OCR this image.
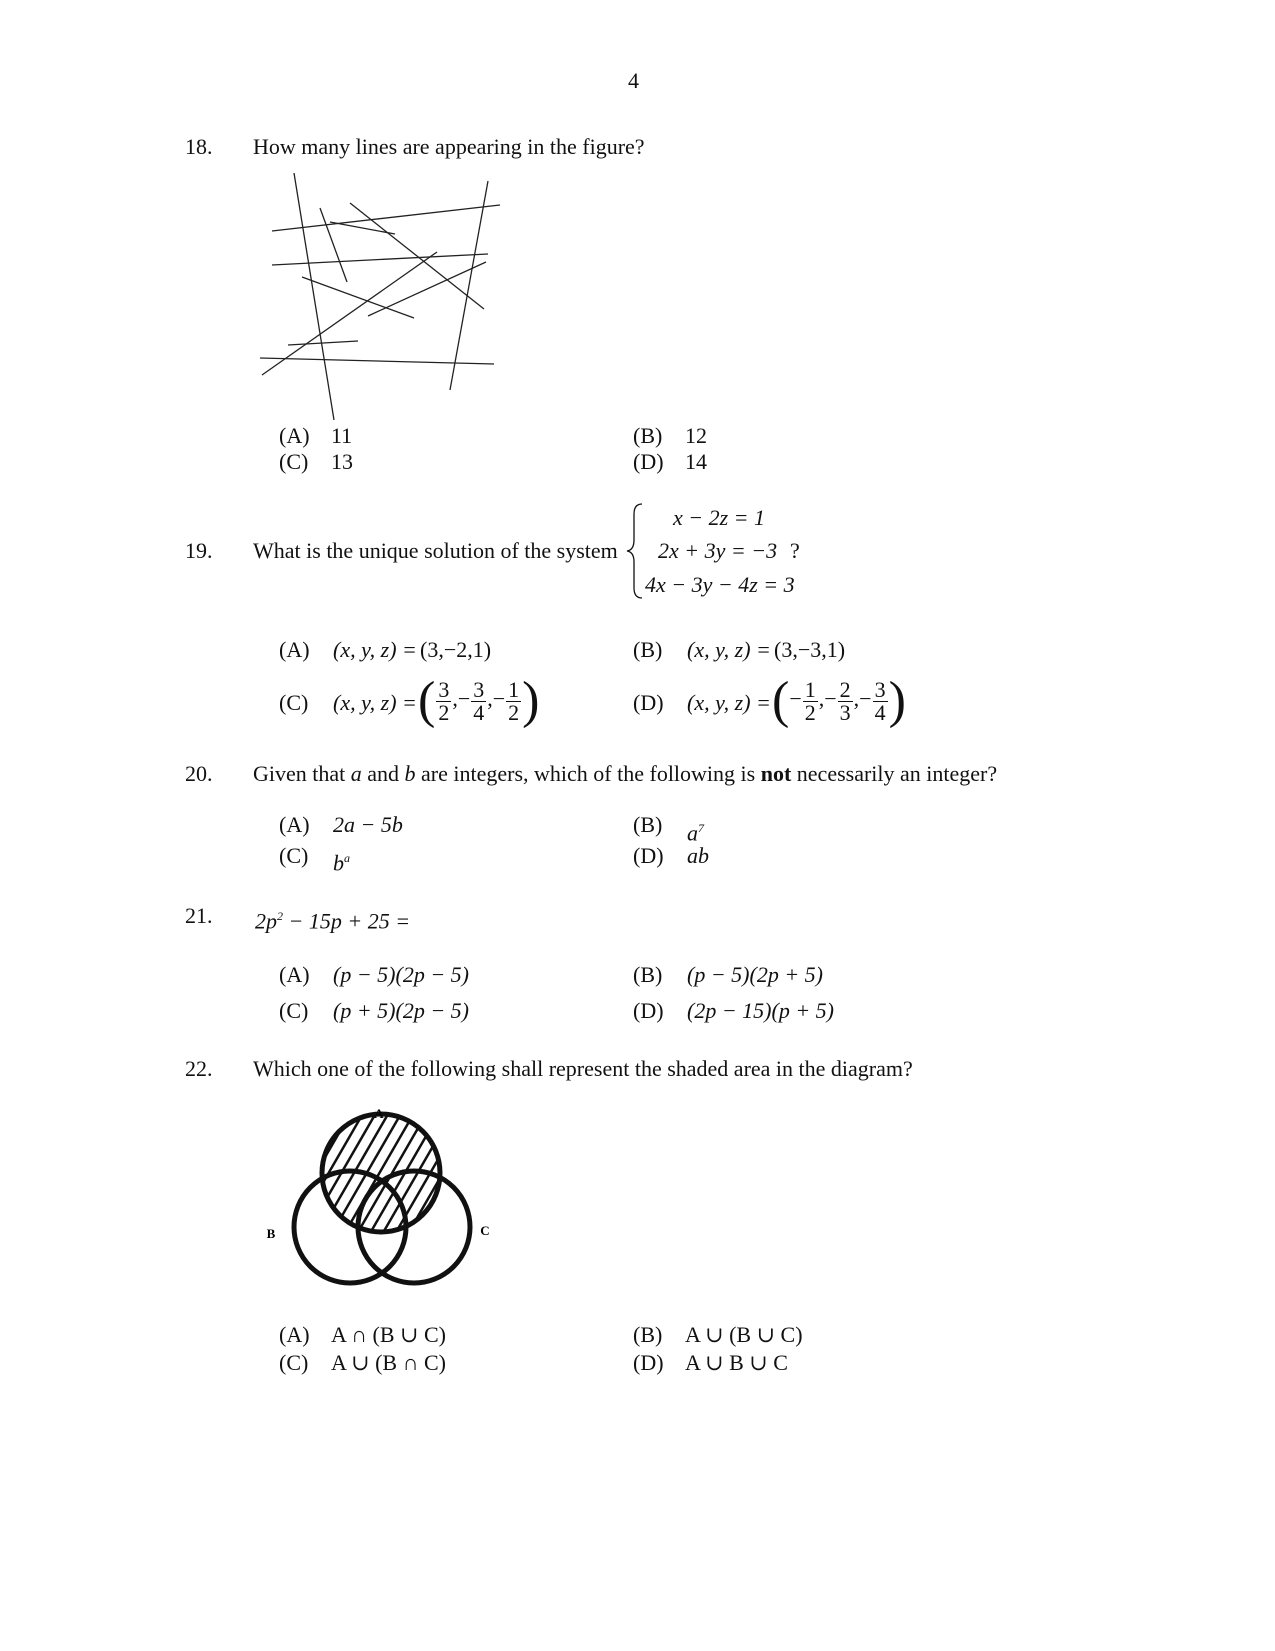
4
18. How many lines are appearing in the figure?
(A) 11	(B) 12
(C) 13	(D) 14
19. What is the unique solution of the system
x − 2z = 1
2x + 3y = −3
4x − 3y − 4z = 3
?
(A) (x, y, z) = (3,−2,1)	(B) (x, y, z) = (3,−3,1)
(C) (x, y, z) = ( $\frac{3}{2}$ ,− $\frac{3}{4}$ ,− $\frac{1}{2}$ )	(D) (x, y, z) = (− $\frac{1}{2}$ ,− $\frac{2}{3}$ ,− $\frac{3}{4}$ )
20. Given that a and b are integers, which of the following is not necessarily an integer?
(A) 2a − 5b	(B) $a^7$
(C) $b^a$	(D) ab
21. $2p^2 - 15p + 25$ =
(A) (p − 5)(2p − 5)	(B) (p − 5)(2p + 5)
(C) (p + 5)(2p − 5)	(D) (2p − 15)(p + 5)
22. Which one of the following shall represent the shaded area in the diagram?
A
B	C
(A) A ∩ (B ∪ C)	(B) A ∪ (B ∪ C)
(C) A ∪ (B ∩ C)	(D) A ∪ B ∪ C
